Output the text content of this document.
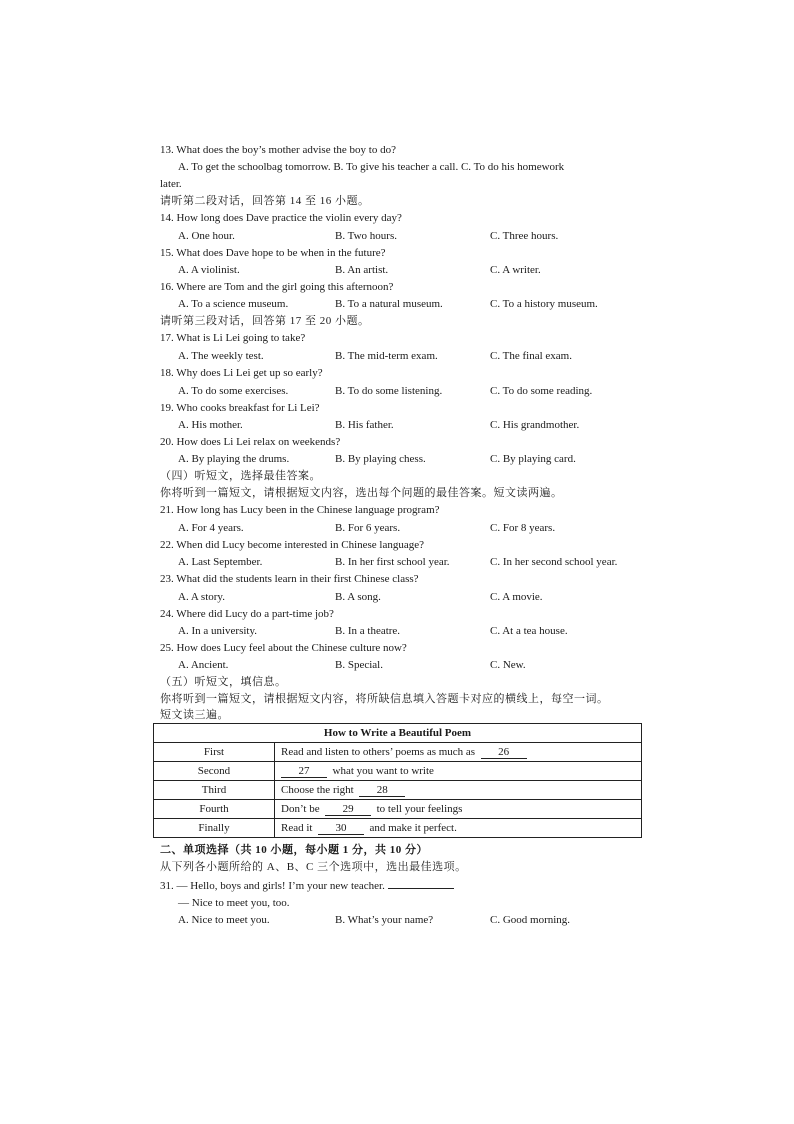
13. What does the boy’s mother advise the boy to do?
A. To get the schoolbag tomorrow. B. To give his teacher a call. C. To do his homework
later.
请听第二段对话，回答第 14 至 16 小题。
14. How long does Dave practice the violin every day?
A. One hour.	B. Two hours.	C. Three hours.
15. What does Dave hope to be when in the future?
A. A violinist.	B. An artist.	C. A writer.
16. Where are Tom and the girl going this afternoon?
A. To a science museum.	B. To a natural museum.	C. To a history museum.
请听第三段对话，回答第 17 至 20 小题。
17. What is Li Lei going to take?
A. The weekly test.	B. The mid-term exam.	C. The final exam.
18. Why does Li Lei get up so early?
A. To do some exercises.	B. To do some listening.	C. To do some reading.
19. Who cooks breakfast for Li Lei?
A. His mother.	B. His father.	C. His grandmother.
20. How does Li Lei relax on weekends?
A. By playing the drums.	B. By playing chess.	C. By playing card.
（四）听短文，选择最佳答案。
你将听到一篇短文，请根据短文内容，选出每个问题的最佳答案。短文读两遍。
21. How long has Lucy been in the Chinese language program?
A. For 4 years.	B. For 6 years.	C. For 8 years.
22. When did Lucy become interested in Chinese language?
A. Last September.	B. In her first school year.	C. In her second school year.
23. What did the students learn in their first Chinese class?
A. A story.	B. A song.	C. A movie.
24. Where did Lucy do a part-time job?
A. In a university.	B. In a theatre.	C. At a tea house.
25. How does Lucy feel about the Chinese culture now?
A. Ancient.	B. Special.	C. New.
（五）听短文，填信息。
你将听到一篇短文，请根据短文内容，将所缺信息填入答题卡对应的横线上，每空一词。
短文读三遍。
How to Write a Beautiful Poem	
First	Read and listen to others’ poems as much as 26
Second	27 what you want to write
Third	Choose the right 28
Fourth	Don’t be 29 to tell your feelings
Finally	Read it 30 and make it perfect.
二、单项选择（共 10 小题，每小题 1 分，共 10 分）
从下列各小题所给的 A、B、C 三个选项中，选出最佳选项。
31. — Hello, boys and girls! I’m your new teacher.
— Nice to meet you, too.
A. Nice to meet you.	B. What’s your name?	C. Good morning.
